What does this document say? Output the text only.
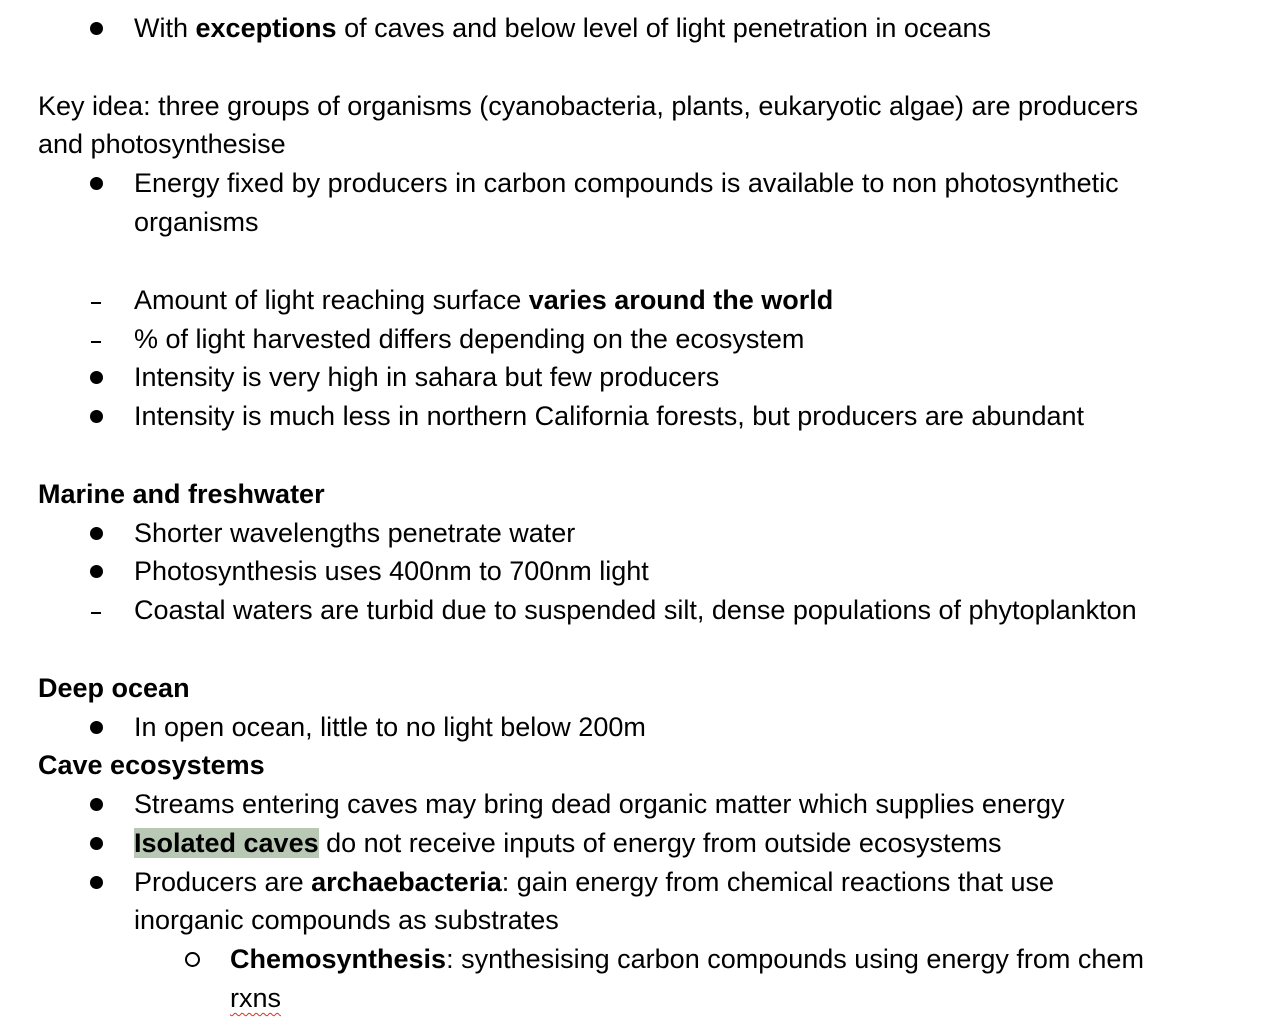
With exceptions of caves and below level of light penetration in oceans
Key idea: three groups of organisms (cyanobacteria, plants, eukaryotic algae) are producers
and photosynthesise
Energy fixed by producers in carbon compounds is available to non photosynthetic
organisms
Amount of light reaching surface varies around the world
% of light harvested differs depending on the ecosystem
Intensity is very high in sahara but few producers
Intensity is much less in northern California forests, but producers are abundant
Marine and freshwater
Shorter wavelengths penetrate water
Photosynthesis uses 400nm to 700nm light
Coastal waters are turbid due to suspended silt, dense populations of phytoplankton
Deep ocean
In open ocean, little to no light below 200m
Cave ecosystems
Streams entering caves may bring dead organic matter which supplies energy
Isolated caves do not receive inputs of energy from outside ecosystems
Producers are archaebacteria: gain energy from chemical reactions that use
inorganic compounds as substrates
Chemosynthesis: synthesising carbon compounds using energy from chem
rxns
